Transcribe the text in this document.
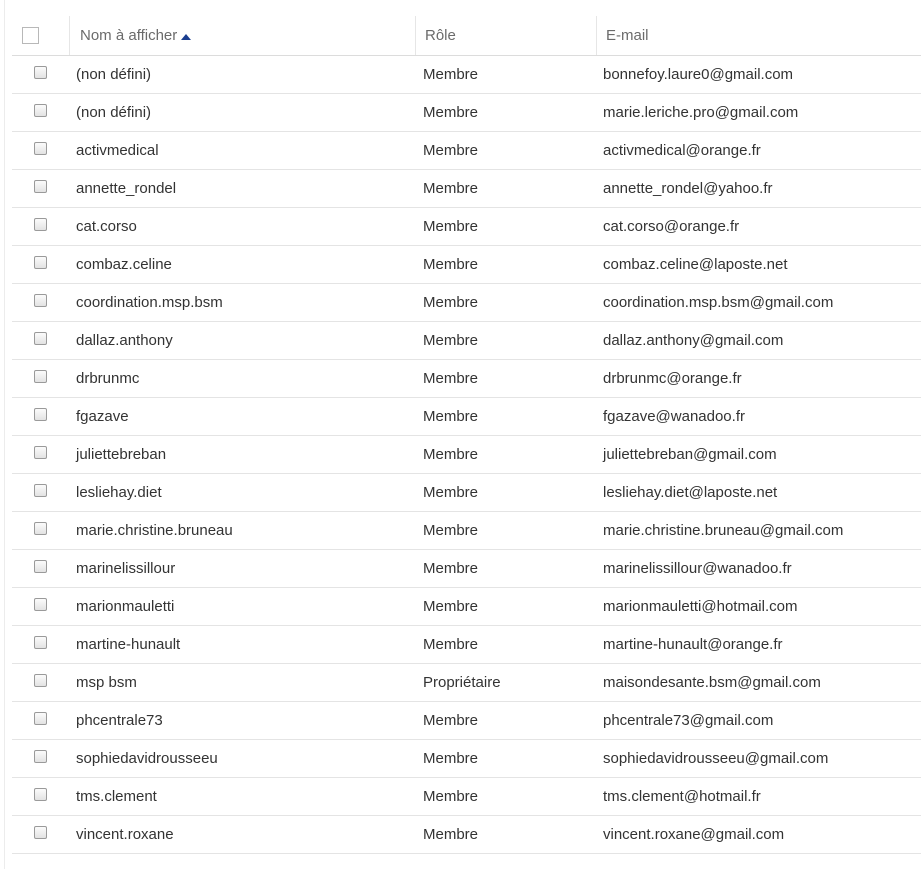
Nom à afficher	Rôle	E-mail
(non défini)	Membre	bonnefoy.laure0@gmail.com
(non défini)	Membre	marie.leriche.pro@gmail.com
activmedical	Membre	activmedical@orange.fr
annette_rondel	Membre	annette_rondel@yahoo.fr
cat.corso	Membre	cat.corso@orange.fr
combaz.celine	Membre	combaz.celine@laposte.net
coordination.msp.bsm	Membre	coordination.msp.bsm@gmail.com
dallaz.anthony	Membre	dallaz.anthony@gmail.com
drbrunmc	Membre	drbrunmc@orange.fr
fgazave	Membre	fgazave@wanadoo.fr
juliettebreban	Membre	juliettebreban@gmail.com
lesliehay.diet	Membre	lesliehay.diet@laposte.net
marie.christine.bruneau	Membre	marie.christine.bruneau@gmail.com
marinelissillour	Membre	marinelissillour@wanadoo.fr
marionmauletti	Membre	marionmauletti@hotmail.com
martine-hunault	Membre	martine-hunault@orange.fr
msp bsm	Propriétaire	maisondesante.bsm@gmail.com
phcentrale73	Membre	phcentrale73@gmail.com
sophiedavidrousseeu	Membre	sophiedavidrousseeu@gmail.com
tms.clement	Membre	tms.clement@hotmail.fr
vincent.roxane	Membre	vincent.roxane@gmail.com
